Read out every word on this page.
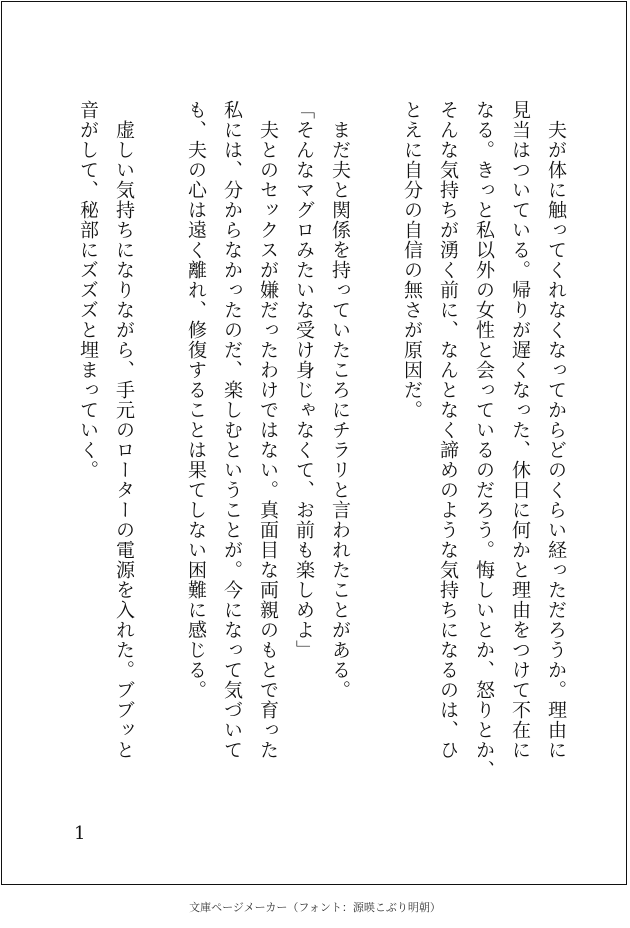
　夫が体に触ってくれなくなってからどのくらい経っただろうか。理由に
見当はついている。帰りが遅くなった、休日に何かと理由をつけて不在に
なる。きっと私以外の女性と会っているのだろう。悔しいとか、怒りとか、
そんな気持ちが湧く前に、なんとなく諦めのような気持ちになるのは、ひ
とえに自分の自信の無さが原因だ。

　まだ夫と関係を持っていたころにチラリと言われたことがある。
「そんなマグロみたいな受け身じゃなくて、お前も楽しめよ」
　夫とのセックスが嫌だったわけではない。真面目な両親のもとで育った
私には、分からなかったのだ、楽しむということが。今になって気づいて
も、夫の心は遠く離れ、修復することは果てしない困難に感じる。

　虚しい気持ちになりながら、手元のローターの電源を入れた。ブブッと
音がして、秘部にズズズと埋まっていく。

1
文庫ページメーカー（フォント：源暎こぶり明朝）
